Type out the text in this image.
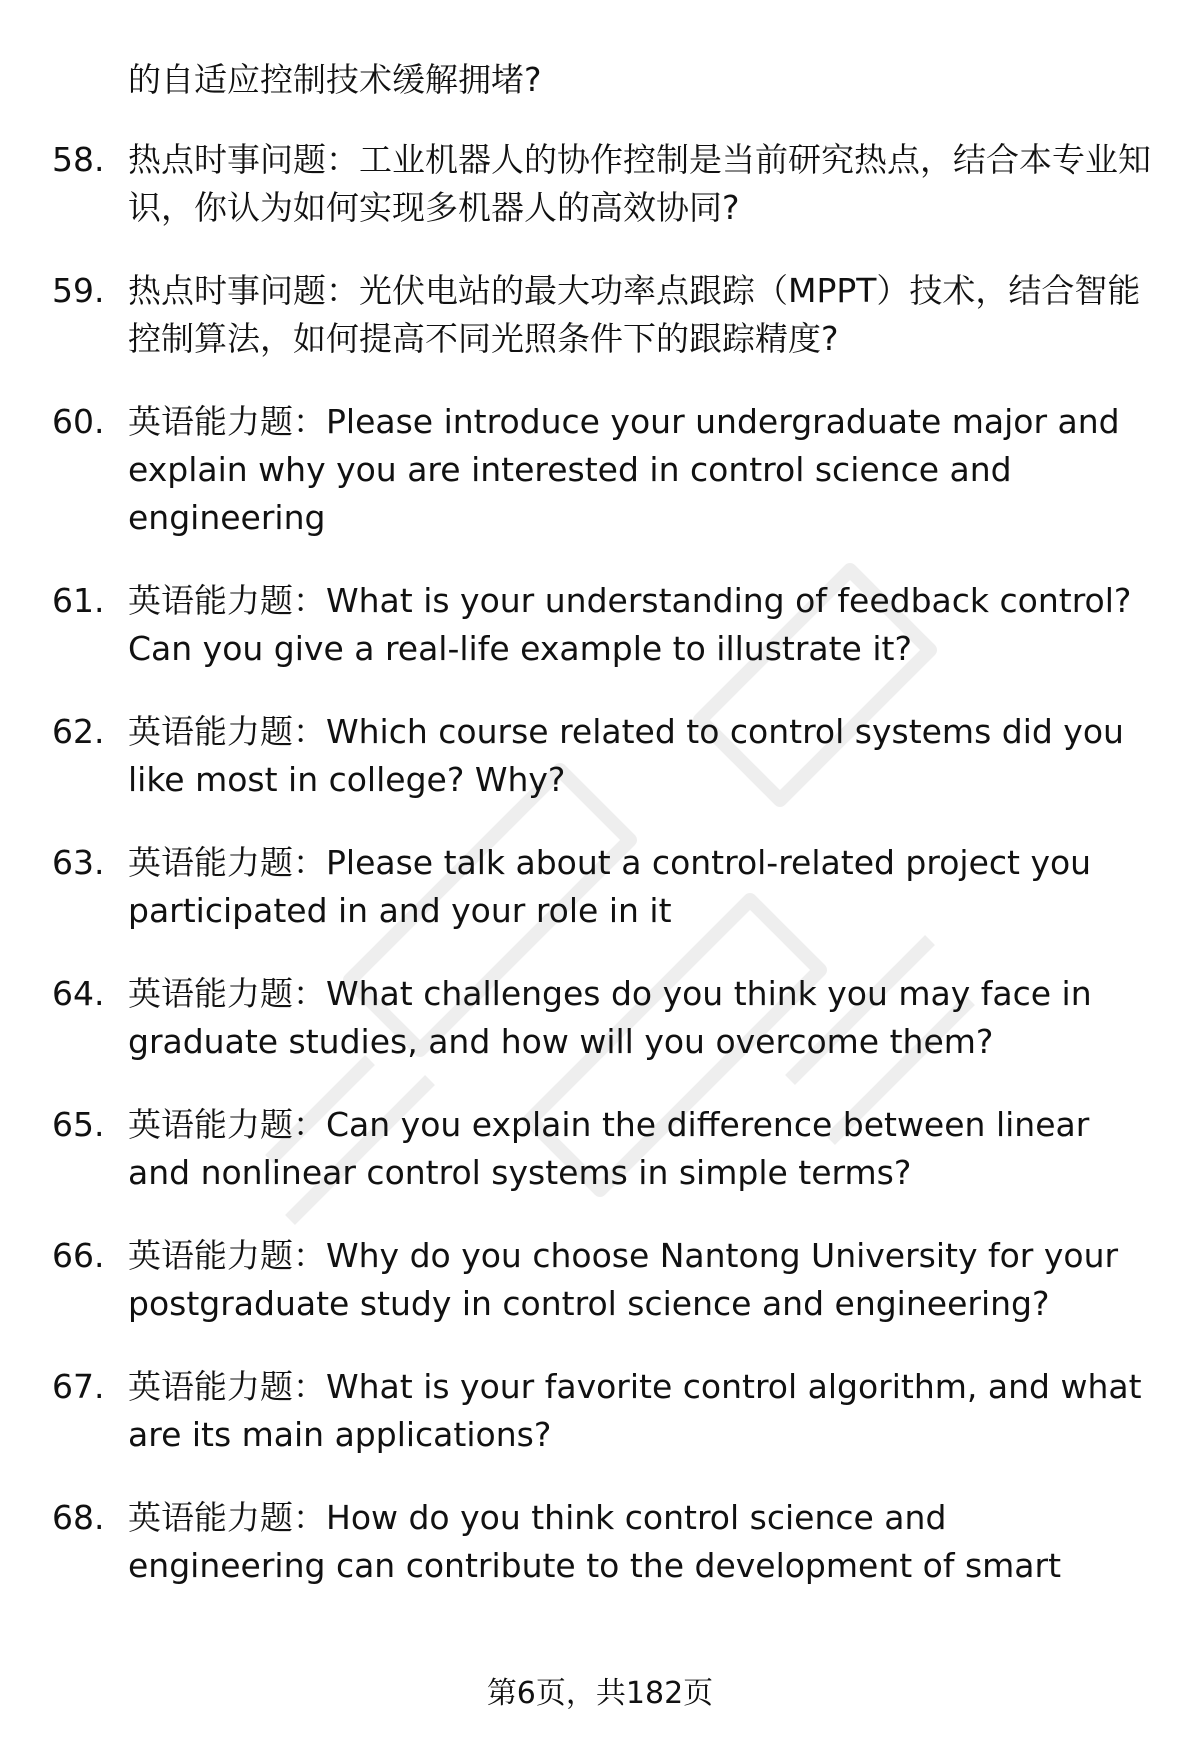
的自适应控制技术缓解拥堵?
58. 热点时事问题：工业机器人的协作控制是当前研究热点，结合本专业知识，你认为如何实现多机器人的高效协同?
59. 热点时事问题：光伏电站的最大功率点跟踪（MPPT）技术，结合智能控制算法，如何提高不同光照条件下的跟踪精度?
60. 英语能力题：Please introduce your undergraduate major and explain why you are interested in control science and engineering
61. 英语能力题：What is your understanding of feedback control? Can you give a real-life example to illustrate it?
62. 英语能力题：Which course related to control systems did you like most in college? Why?
63. 英语能力题：Please talk about a control-related project you participated in and your role in it
64. 英语能力题：What challenges do you think you may face in graduate studies, and how will you overcome them?
65. 英语能力题：Can you explain the difference between linear and nonlinear control systems in simple terms?
66. 英语能力题：Why do you choose Nantong University for your postgraduate study in control science and engineering?
67. 英语能力题：What is your favorite control algorithm, and what are its main applications?
68. 英语能力题：How do you think control science and engineering can contribute to the development of smart
第6页，共182页
